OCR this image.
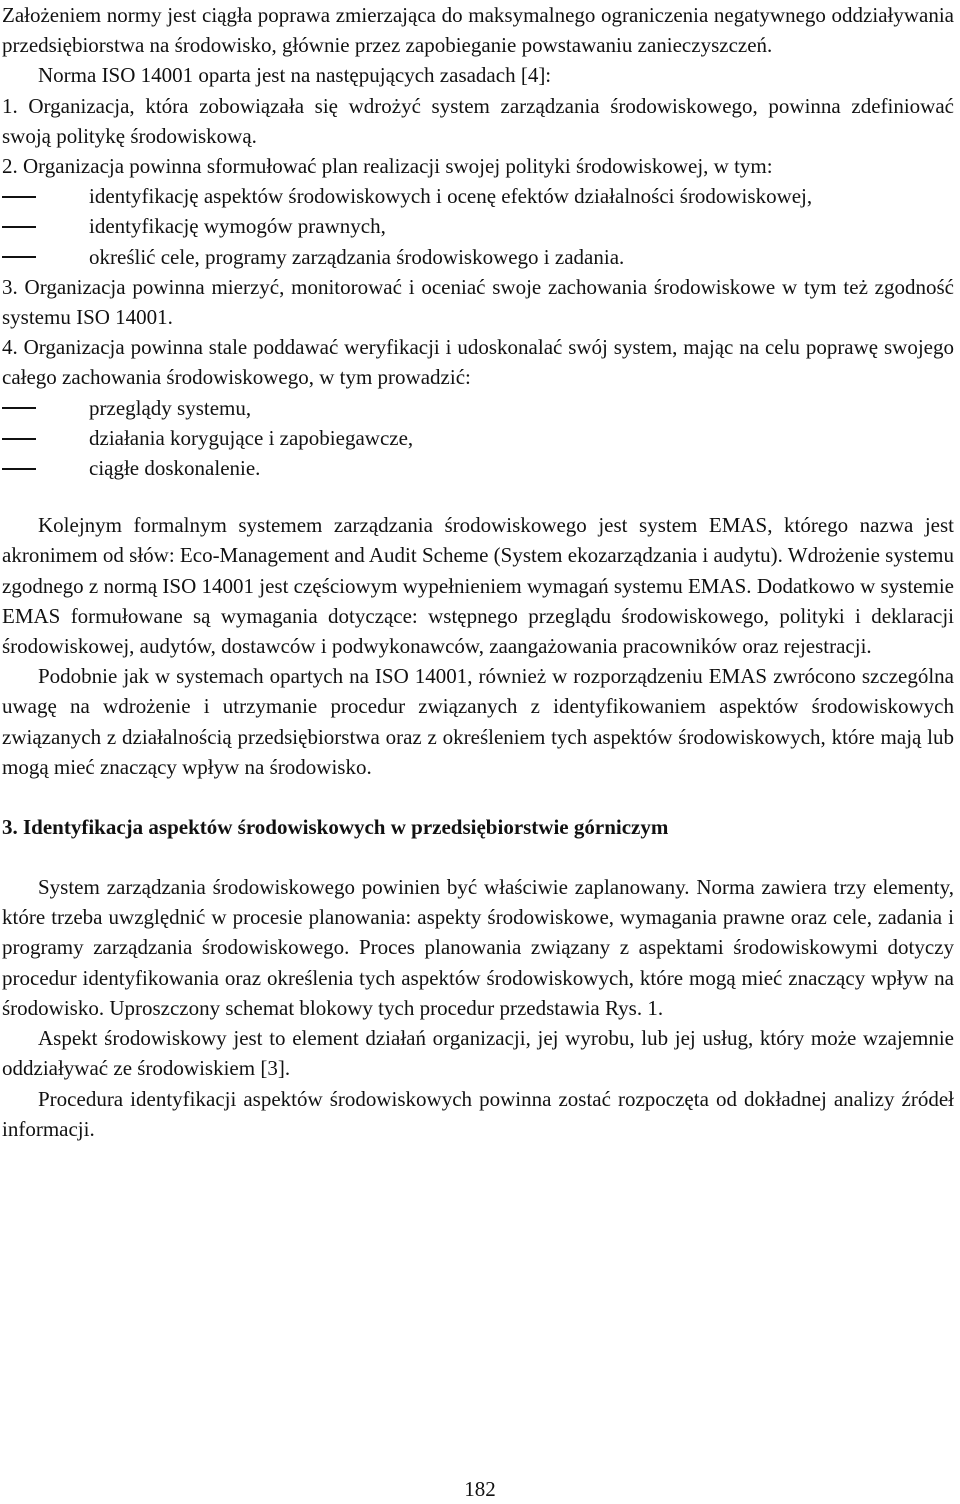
Założeniem normy jest ciągła poprawa zmierzająca do maksymalnego ograniczenia negatywnego oddziaływania przedsiębiorstwa na środowisko, głównie przez zapobieganie powstawaniu zanieczyszczeń.

Norma ISO 14001 oparta jest na następujących zasadach [4]:

1. Organizacja, która zobowiązała się wdrożyć system zarządzania środowiskowego, powinna zdefiniować swoją politykę środowiskową.

2. Organizacja powinna sformułować plan realizacji swojej polityki środowiskowej, w tym:

identyfikację aspektów środowiskowych i ocenę efektów działalności środowiskowej,
identyfikację wymogów prawnych,
określić cele, programy zarządzania środowiskowego i zadania.

3. Organizacja powinna mierzyć, monitorować i oceniać swoje zachowania środowiskowe w tym też zgodność systemu ISO 14001.

4. Organizacja powinna stale poddawać weryfikacji i udoskonalać swój system, mając na celu poprawę swojego całego zachowania środowiskowego, w tym prowadzić:

przeglądy systemu,
działania korygujące i zapobiegawcze,
ciągłe doskonalenie.

Kolejnym formalnym systemem zarządzania środowiskowego jest system EMAS, którego nazwa jest akronimem od słów: Eco-Management and Audit Scheme (System ekozarządzania i audytu). Wdrożenie systemu zgodnego z normą ISO 14001 jest częściowym wypełnieniem wymagań systemu EMAS. Dodatkowo w systemie EMAS formułowane są wymagania dotyczące: wstępnego przeglądu środowiskowego, polityki i deklaracji środowiskowej, audytów, dostawców i podwykonawców, zaangażowania pracowników oraz rejestracji.

Podobnie jak w systemach opartych na ISO 14001, również w rozporządzeniu EMAS zwrócono szczególna uwagę na wdrożenie i utrzymanie procedur związanych z identyfikowaniem aspektów środowiskowych związanych z działalnością przedsiębiorstwa oraz z określeniem tych aspektów środowiskowych, które mają lub mogą mieć znaczący wpływ na środowisko.

3. Identyfikacja aspektów środowiskowych w przedsiębiorstwie górniczym

System zarządzania środowiskowego powinien być właściwie zaplanowany. Norma zawiera trzy elementy, które trzeba uwzględnić w procesie planowania: aspekty środowiskowe, wymagania prawne oraz cele, zadania i programy zarządzania środowiskowego. Proces planowania związany z aspektami środowiskowymi dotyczy procedur identyfikowania oraz określenia tych aspektów środowiskowych, które mogą mieć znaczący wpływ na środowisko. Uproszczony schemat blokowy tych procedur przedstawia Rys. 1.

Aspekt środowiskowy jest to element działań organizacji, jej wyrobu, lub jej usług, który może wzajemnie oddziaływać ze środowiskiem [3].

Procedura identyfikacji aspektów środowiskowych powinna zostać rozpoczęta od dokładnej analizy źródeł informacji.

182
